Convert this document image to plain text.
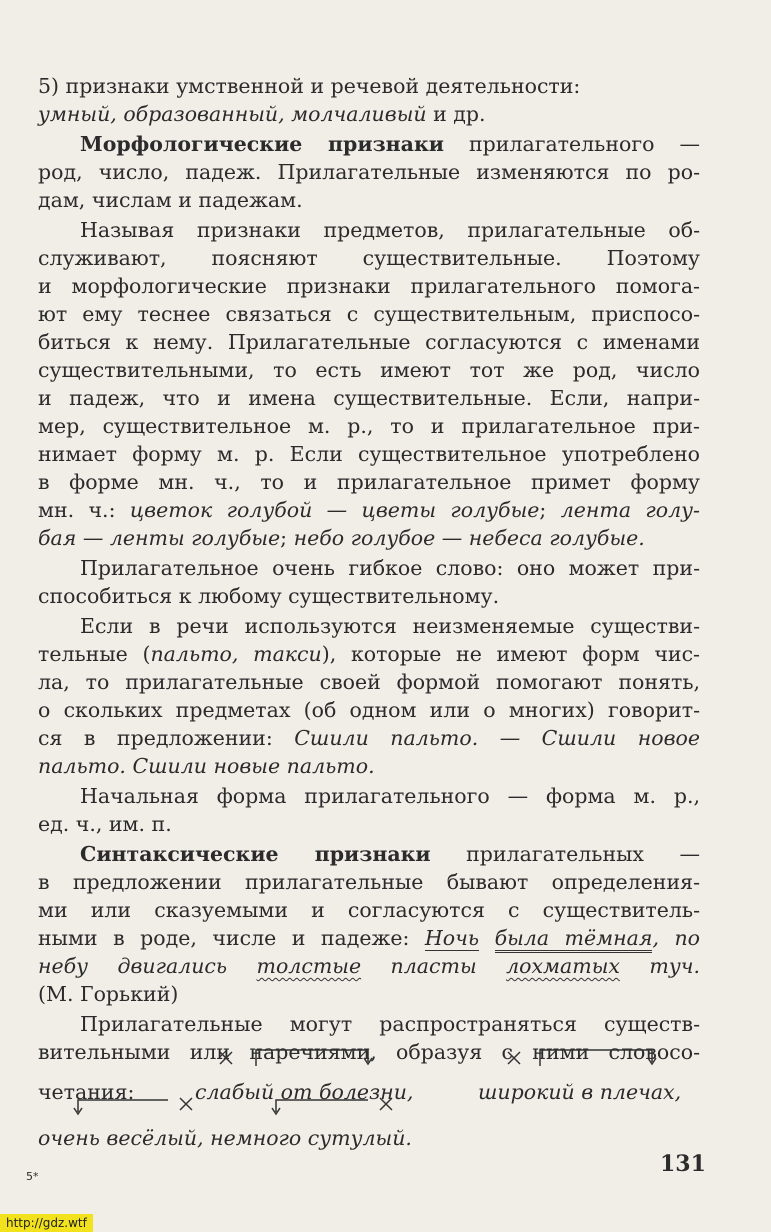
5) признаки умственной и речевой деятельности:
умный, образованный, молчаливый и др.
Морфологические признаки прилагательного —
род, число, падеж. Прилагательные изменяются по ро-
дам, числам и падежам.
Называя признаки предметов, прилагательные об-
служивают, поясняют существительные. Поэтому
и морфологические признаки прилагательного помога-
ют ему теснее связаться с существительным, приспосо-
биться к нему. Прилагательные согласуются с именами
существительными, то есть имеют тот же род, число
и падеж, что и имена существительные. Если, напри-
мер, существительное м. р., то и прилагательное при-
нимает форму м. р. Если существительное употреблено
в форме мн. ч., то и прилагательное примет форму
мн. ч.: цветок голубой — цветы голубые; лента голу-
бая — ленты голубые; небо голубое — небеса голубые.
Прилагательное очень гибкое слово: оно может при-
способиться к любому существительному.
Если в речи используются неизменяемые существи-
тельные (пальто, такси), которые не имеют форм чис-
ла, то прилагательные своей формой помогают понять,
о скольких предметах (об одном или о многих) говорит-
ся в предложении: Сшили пальто. — Сшили новое
пальто. Сшили новые пальто.
Начальная форма прилагательного — форма м. р.,
ед. ч., им. п.
Синтаксические признаки прилагательных —
в предложении прилагательные бывают определения-
ми или сказуемыми и согласуются с существитель-
ными в роде, числе и падеже: Ночь была тёмная, по
небу двигались толстые пласты лохматых туч.
(М. Горький)
Прилагательные могут распространяться существ-
вительными или наречиями, образуя с ними словосо-
четания:	слабый от болезни,	широкий в плечах,
очень весёлый, немного сутулый.
131
5*
http://gdz.wtf
